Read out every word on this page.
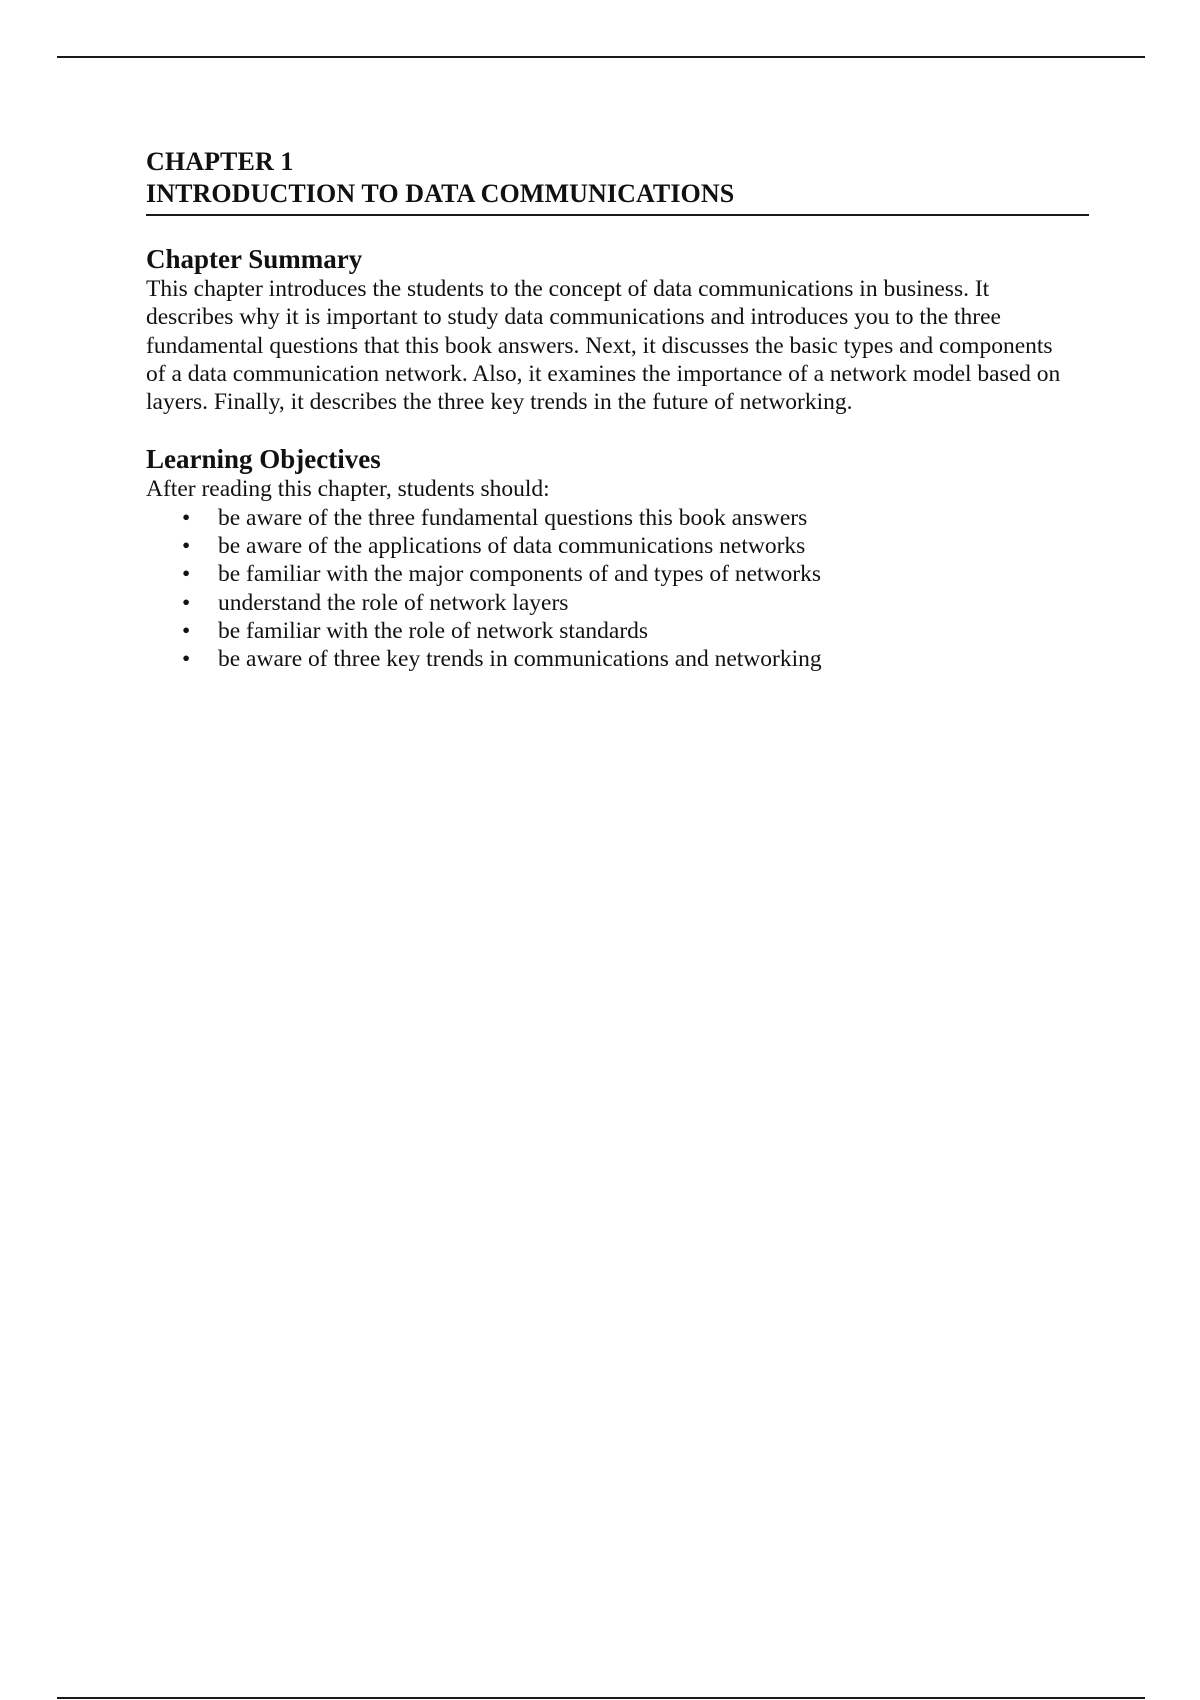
CHAPTER 1
INTRODUCTION TO DATA COMMUNICATIONS
Chapter Summary
This chapter introduces the students to the concept of data communications in business. It
describes why it is important to study data communications and introduces you to the three
fundamental questions that this book answers. Next, it discusses the basic types and components
of a data communication network. Also, it examines the importance of a network model based on
layers. Finally, it describes the three key trends in the future of networking.
Learning Objectives

After reading this chapter, students should:

• be aware of the three fundamental questions this book answers
• be aware of the applications of data communications networks
• be familiar with the major components of and types of networks
• understand the role of network layers
• be familiar with the role of network standards
• be aware of three key trends in communications and networking
